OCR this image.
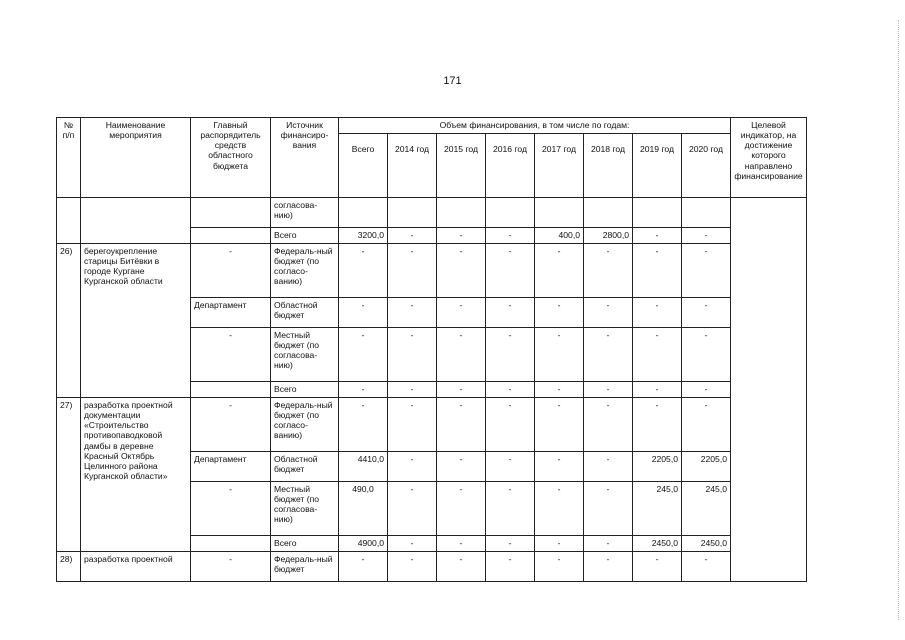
171
№ п/п	Наименование мероприятия	Главный распорядитель средств областного бюджета	Источник финансиро-вания	Объем финансирования, в том числе по годам:								Целевой индикатор, на достижение которого направлено финансирование
				Всего	2014 год	2015 год	2016 год	2017 год	2018 год	2019 год	2020 год	
			согласова-нию)									
			Всего	3200,0	-	-	-	400,0	2800,0	-	-	
26)	берегоукрепление старицы Битёвки в городе Кургане Курганской области	-	Федераль-ный бюджет (по согласо-ванию)	-	-	-	-	-	-	-	-	
		Департамент	Областной бюджет	-	-	-	-	-	-	-	-	
		-	Местный бюджет (по согласова-нию)	-	-	-	-	-	-	-	-	
			Всего	-	-	-	-	-	-	-	-	
27)	разработка проектной документации «Строительство противопаводковой дамбы в деревне Красный Октябрь Целинного района Курганской области»	-	Федераль-ный бюджет (по согласо-ванию)	-	-	-	-	-	-	-	-	
		Департамент	Областной бюджет	4410,0	-	-	-	-	-	2205,0	2205,0	
		-	Местный бюджет (по согласова-нию)	490,0	-	-	-	-	-	245,0	245,0	
			Всего	4900,0	-	-	-	-	-	2450,0	2450,0	
28)	разработка проектной	-	Федераль-ный бюджет	-	-	-	-	-	-	-	-	
